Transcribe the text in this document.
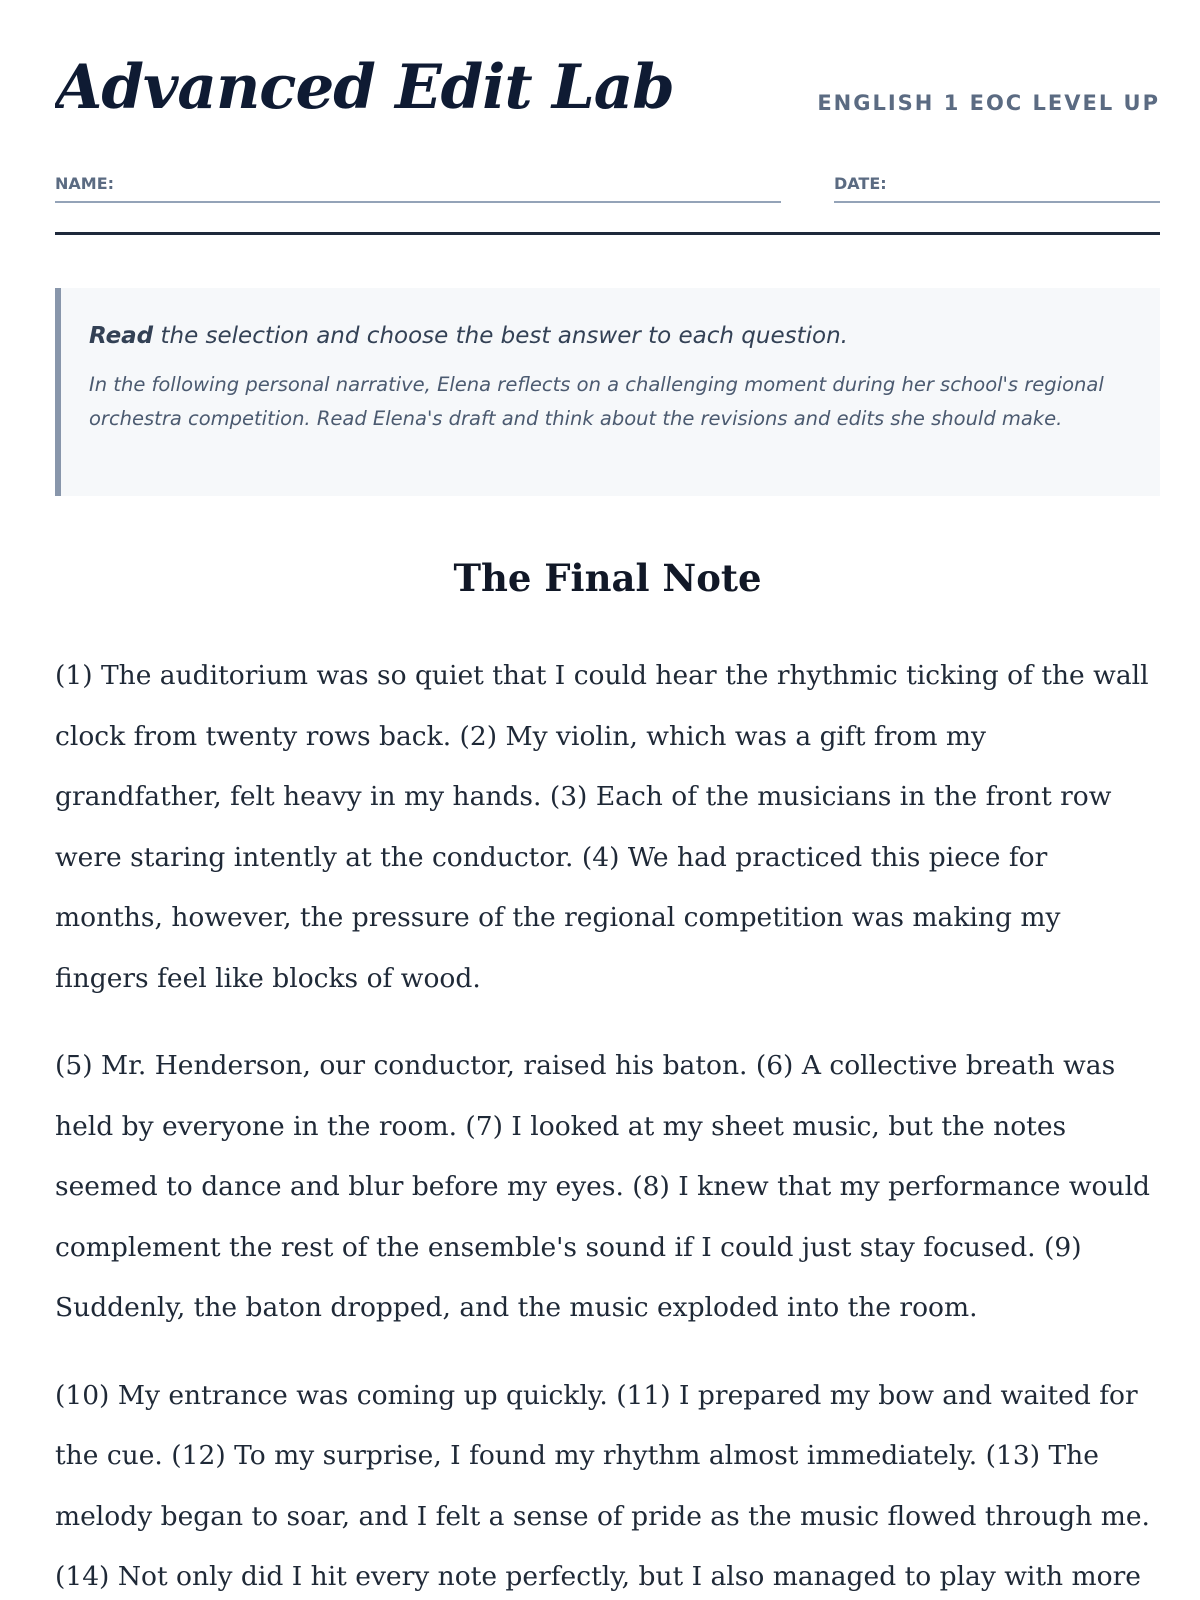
Advanced Edit Lab	ENGLISH 1 EOC LEVEL UP
NAME:	DATE:
Read the selection and choose the best answer to each question.
In the following personal narrative, Elena reflects on a challenging moment during her school's regional orchestra competition. Read Elena's draft and think about the revisions and edits she should make.
The Final Note

(1) The auditorium was so quiet that I could hear the rhythmic ticking of the wall clock from twenty rows back. (2) My violin, which was a gift from my grandfather, felt heavy in my hands. (3) Each of the musicians in the front row were staring intently at the conductor. (4) We had practiced this piece for months, however, the pressure of the regional competition was making my fingers feel like blocks of wood.

(5) Mr. Henderson, our conductor, raised his baton. (6) A collective breath was held by everyone in the room. (7) I looked at my sheet music, but the notes seemed to dance and blur before my eyes. (8) I knew that my performance would complement the rest of the ensemble's sound if I could just stay focused. (9) Suddenly, the baton dropped, and the music exploded into the room.

(10) My entrance was coming up quickly. (11) I prepared my bow and waited for the cue. (12) To my surprise, I found my rhythm almost immediately. (13) The melody began to soar, and I felt a sense of pride as the music flowed through me. (14) Not only did I hit every note perfectly, but I also managed to play with more
